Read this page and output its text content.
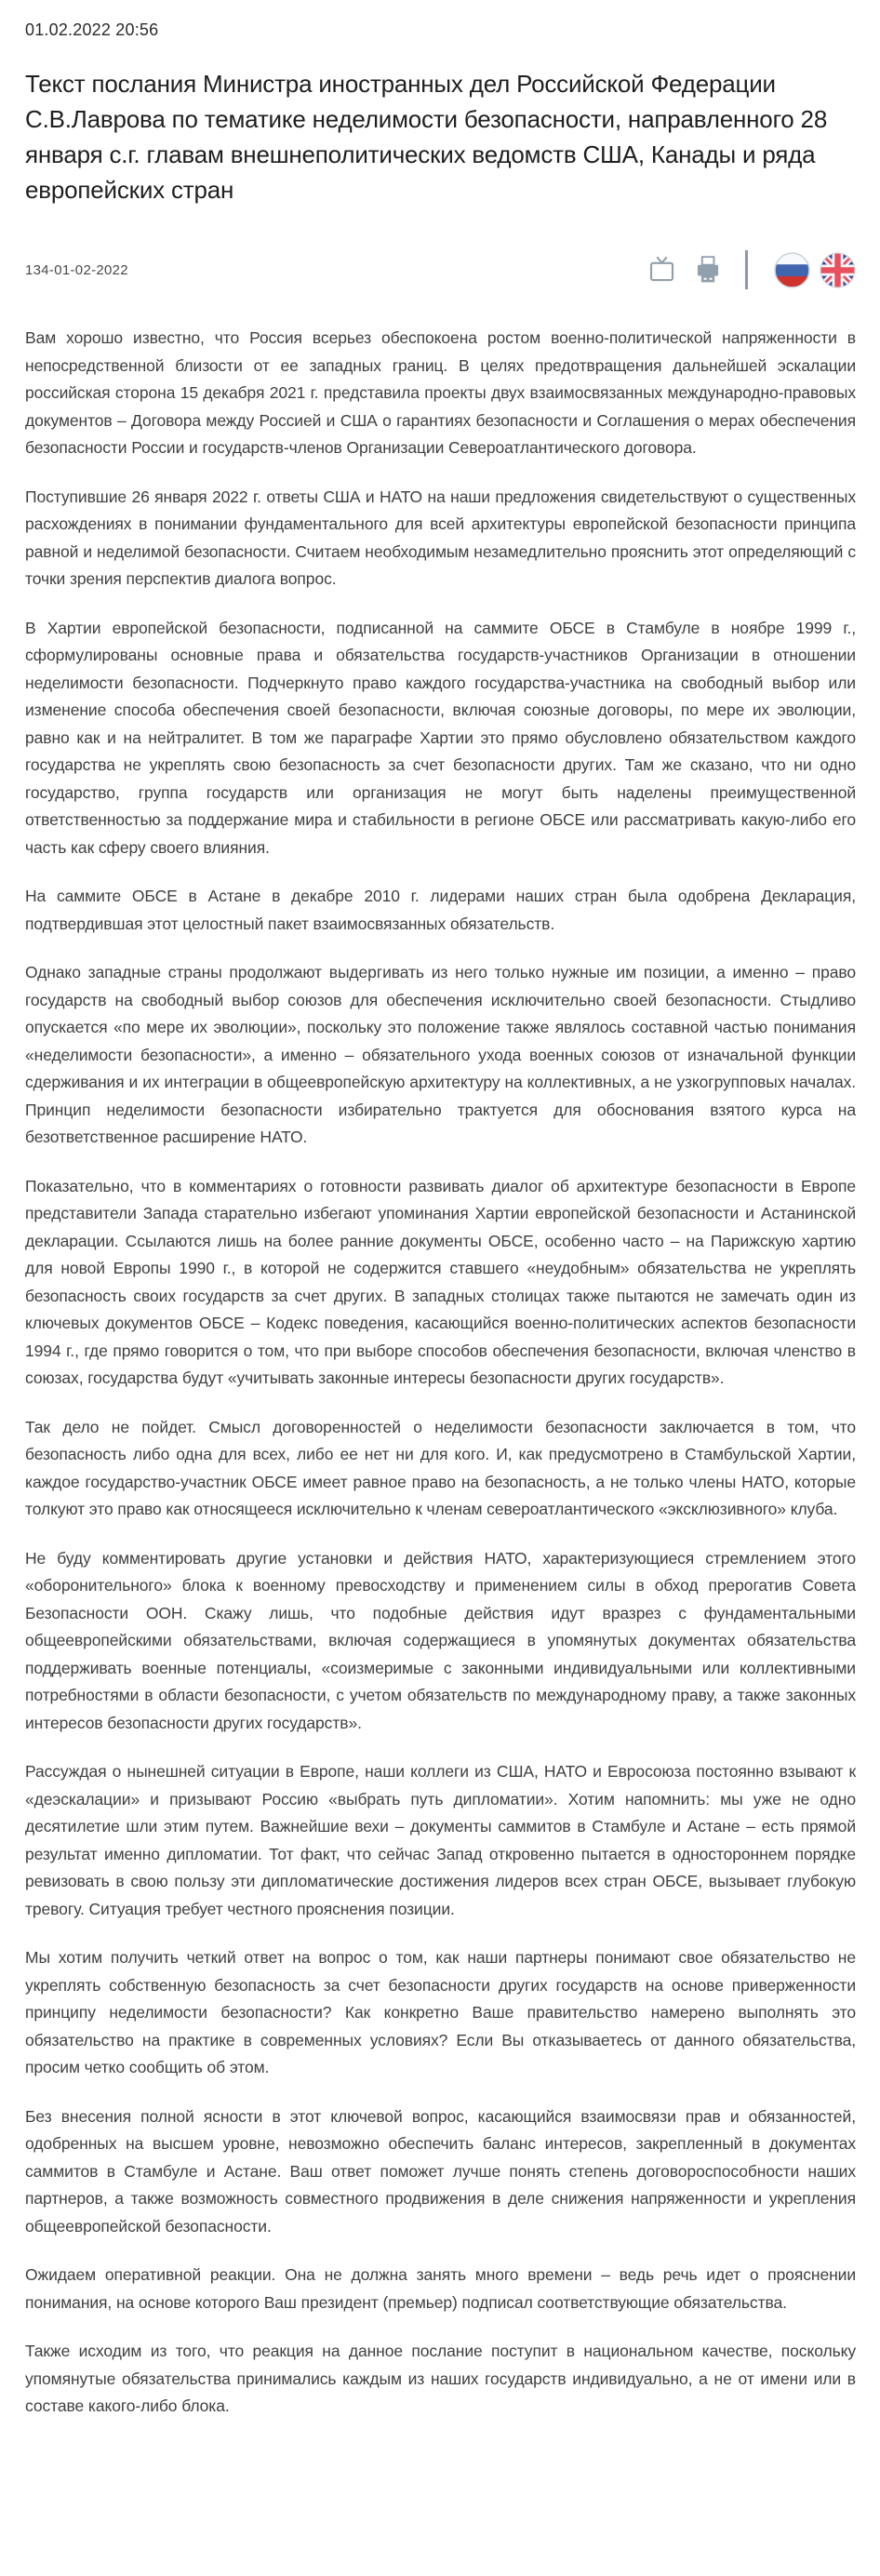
01.02.2022 20:56
Текст послания Министра иностранных дел Российской Федерации С.В.Лаврова по тематике неделимости безопасности, направленного 28 января с.г. главам внешнеполитических ведомств США, Канады и ряда европейских стран
134-01-02-2022

Вам хорошо известно, что Россия всерьез обеспокоена ростом военно-политической напряженности в непосредственной близости от ее западных границ. В целях предотвращения дальнейшей эскалации российская сторона 15 декабря 2021 г. представила проекты двух взаимосвязанных международно-правовых документов – Договора между Россией и США о гарантиях безопасности и Соглашения о мерах обеспечения безопасности России и государств-членов Организации Североатлантического договора.

Поступившие 26 января 2022 г. ответы США и НАТО на наши предложения свидетельствуют о существенных расхождениях в понимании фундаментального для всей архитектуры европейской безопасности принципа равной и неделимой безопасности. Считаем необходимым незамедлительно прояснить этот определяющий с точки зрения перспектив диалога вопрос.

В Хартии европейской безопасности, подписанной на саммите ОБСЕ в Стамбуле в ноябре 1999 г., сформулированы основные права и обязательства государств-участников Организации в отношении неделимости безопасности. Подчеркнуто право каждого государства-участника на свободный выбор или изменение способа обеспечения своей безопасности, включая союзные договоры, по мере их эволюции, равно как и на нейтралитет. В том же параграфе Хартии это прямо обусловлено обязательством каждого государства не укреплять свою безопасность за счет безопасности других. Там же сказано, что ни одно государство, группа государств или организация не могут быть наделены преимущественной ответственностью за поддержание мира и стабильности в регионе ОБСЕ или рассматривать какую-либо его часть как сферу своего влияния.

На саммите ОБСЕ в Астане в декабре 2010 г. лидерами наших стран была одобрена Декларация, подтвердившая этот целостный пакет взаимосвязанных обязательств.

Однако западные страны продолжают выдергивать из него только нужные им позиции, а именно – право государств на свободный выбор союзов для обеспечения исключительно своей безопасности. Стыдливо опускается «по мере их эволюции», поскольку это положение также являлось составной частью понимания «неделимости безопасности», а именно – обязательного ухода военных союзов от изначальной функции сдерживания и их интеграции в общеевропейскую архитектуру на коллективных, а не узкогрупповых началах. Принцип неделимости безопасности избирательно трактуется для обоснования взятого курса на безответственное расширение НАТО.

Показательно, что в комментариях о готовности развивать диалог об архитектуре безопасности в Европе представители Запада старательно избегают упоминания Хартии европейской безопасности и Астанинской декларации. Ссылаются лишь на более ранние документы ОБСЕ, особенно часто – на Парижскую хартию для новой Европы 1990 г., в которой не содержится ставшего «неудобным» обязательства не укреплять безопасность своих государств за счет других. В западных столицах также пытаются не замечать один из ключевых документов ОБСЕ – Кодекс поведения, касающийся военно-политических аспектов безопасности 1994 г., где прямо говорится о том, что при выборе способов обеспечения безопасности, включая членство в союзах, государства будут «учитывать законные интересы безопасности других государств».

Так дело не пойдет. Смысл договоренностей о неделимости безопасности заключается в том, что безопасность либо одна для всех, либо ее нет ни для кого. И, как предусмотрено в Стамбульской Хартии, каждое государство-участник ОБСЕ имеет равное право на безопасность, а не только члены НАТО, которые толкуют это право как относящееся исключительно к членам североатлантического «эксклюзивного» клуба.

Не буду комментировать другие установки и действия НАТО, характеризующиеся стремлением этого «оборонительного» блока к военному превосходству и применением силы в обход прерогатив Совета Безопасности ООН. Скажу лишь, что подобные действия идут вразрез с фундаментальными общеевропейскими обязательствами, включая содержащиеся в упомянутых документах обязательства поддерживать военные потенциалы, «соизмеримые с законными индивидуальными или коллективными потребностями в области безопасности, с учетом обязательств по международному праву, а также законных интересов безопасности других государств».

Рассуждая о нынешней ситуации в Европе, наши коллеги из США, НАТО и Евросоюза постоянно взывают к «деэскалации» и призывают Россию «выбрать путь дипломатии». Хотим напомнить: мы уже не одно десятилетие шли этим путем. Важнейшие вехи – документы саммитов в Стамбуле и Астане – есть прямой результат именно дипломатии. Тот факт, что сейчас Запад откровенно пытается в одностороннем порядке ревизовать в свою пользу эти дипломатические достижения лидеров всех стран ОБСЕ, вызывает глубокую тревогу. Ситуация требует честного прояснения позиции.

Мы хотим получить четкий ответ на вопрос о том, как наши партнеры понимают свое обязательство не укреплять собственную безопасность за счет безопасности других государств на основе приверженности принципу неделимости безопасности? Как конкретно Ваше правительство намерено выполнять это обязательство на практике в современных условиях? Если Вы отказываетесь от данного обязательства, просим четко сообщить об этом.

Без внесения полной ясности в этот ключевой вопрос, касающийся взаимосвязи прав и обязанностей, одобренных на высшем уровне, невозможно обеспечить баланс интересов, закрепленный в документах саммитов в Стамбуле и Астане. Ваш ответ поможет лучше понять степень договороспособности наших партнеров, а также возможность совместного продвижения в деле снижения напряженности и укрепления общеевропейской безопасности.

Ожидаем оперативной реакции. Она не должна занять много времени – ведь речь идет о прояснении понимания, на основе которого Ваш президент (премьер) подписал соответствующие обязательства.

Также исходим из того, что реакция на данное послание поступит в национальном качестве, поскольку упомянутые обязательства принимались каждым из наших государств индивидуально, а не от имени или в составе какого-либо блока.
